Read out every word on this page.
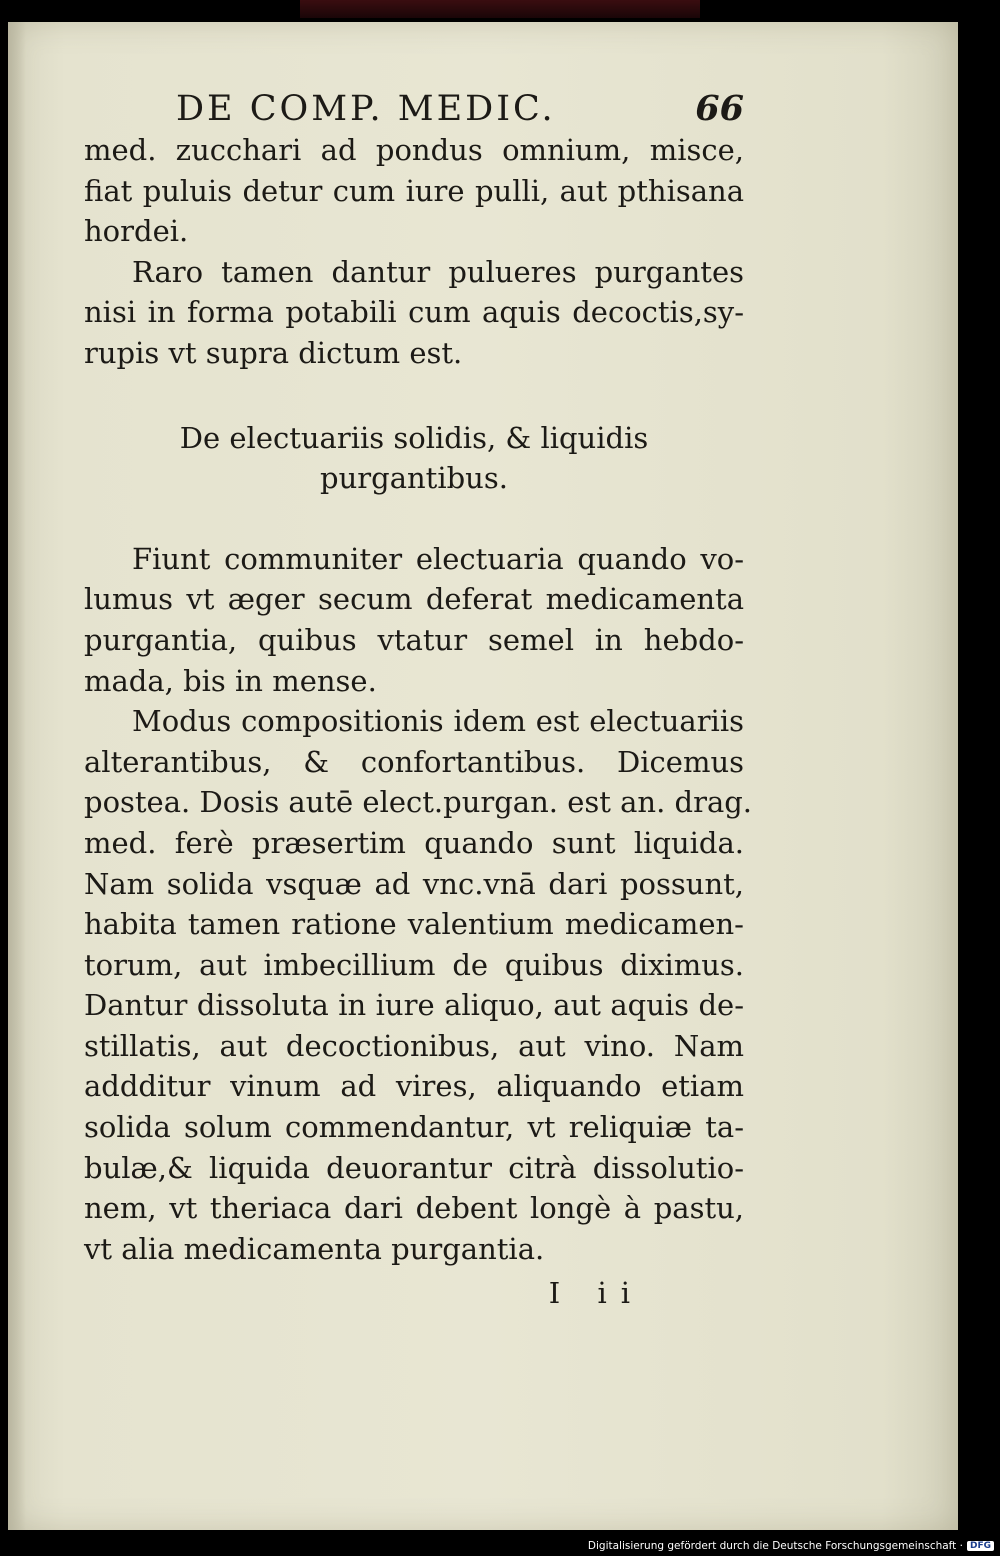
DE COMP. MEDIC.	66
med. zucchari ad pondus omnium, misce,
fiat puluis detur cum iure pulli, aut pthisana
hordei.
Raro tamen dantur pulueres purgantes
nisi in forma potabili cum aquis decoctis,sy-
rupis vt supra dictum est.
De electuariis solidis, & liquidis
purgantibus.
Fiunt communiter electuaria quando vo-
lumus vt æger secum deferat medicamenta
purgantia, quibus vtatur semel in hebdo-
mada, bis in mense.
Modus compositionis idem est electuariis
alterantibus, & confortantibus. Dicemus
postea. Dosis autē elect.purgan. est an. drag.
med. ferè præsertim quando sunt liquida.
Nam solida vsquæ ad vnc.vnā dari possunt,
habita tamen ratione valentium medicamen-
torum, aut imbecillium de quibus diximus.
Dantur dissoluta in iure aliquo, aut aquis de-
stillatis, aut decoctionibus, aut vino. Nam
addditur vinum ad vires, aliquando etiam
solida solum commendantur, vt reliquiæ ta-
bulæ,& liquida deuorantur citrà dissolutio-
nem, vt theriaca dari debent longè à pastu,
vt alia medicamenta purgantia.
I ii
Digitalisierung gefördert durch die Deutsche Forschungsgemeinschaft · DFG
